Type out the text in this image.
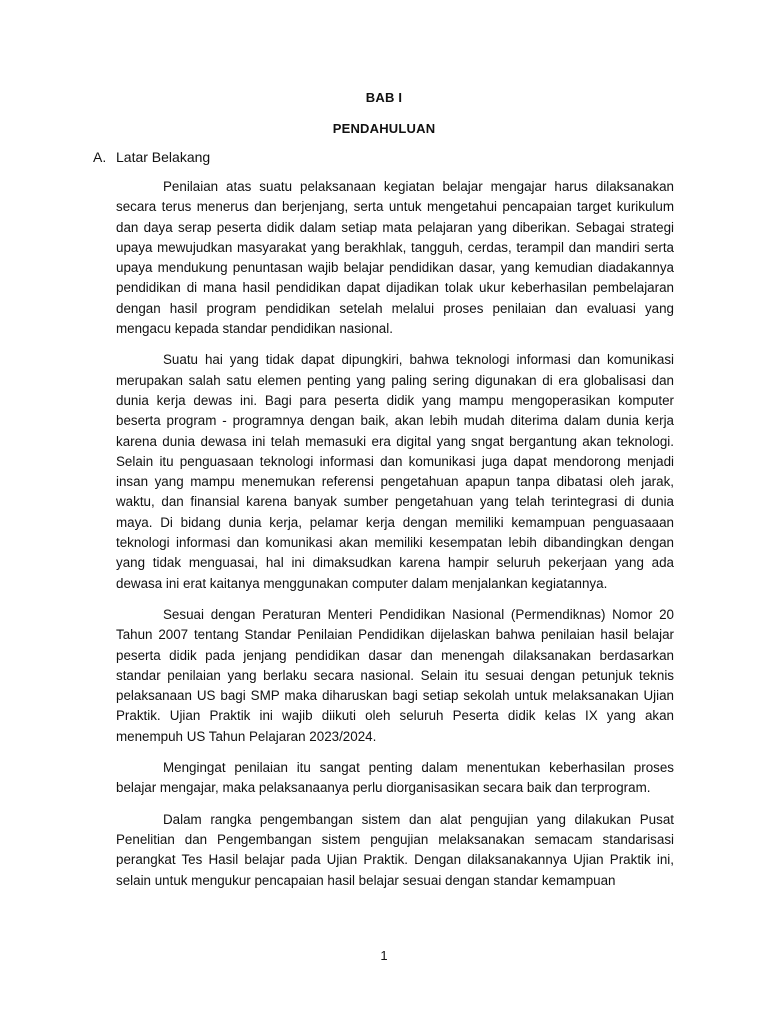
BAB I
PENDAHULUAN
A. Latar Belakang

Penilaian atas suatu pelaksanaan kegiatan belajar mengajar harus dilaksanakan secara terus menerus dan berjenjang, serta untuk mengetahui pencapaian target kurikulum dan daya serap peserta didik dalam setiap mata pelajaran yang diberikan. Sebagai strategi upaya mewujudkan masyarakat yang berakhlak, tangguh, cerdas, terampil dan mandiri serta upaya mendukung penuntasan wajib belajar pendidikan dasar, yang kemudian diadakannya pendidikan di mana hasil pendidikan dapat dijadikan tolak ukur keberhasilan pembelajaran dengan hasil program pendidikan setelah melalui proses penilaian dan evaluasi yang mengacu kepada standar pendidikan nasional.

Suatu hai yang tidak dapat dipungkiri, bahwa teknologi informasi dan komunikasi merupakan salah satu elemen penting yang paling sering digunakan di era globalisasi dan dunia kerja dewas ini. Bagi para peserta didik yang mampu mengoperasikan komputer beserta program - programnya dengan baik, akan lebih mudah diterima dalam dunia kerja karena dunia dewasa ini telah memasuki era digital yang sngat bergantung akan teknologi. Selain itu penguasaan teknologi informasi dan komunikasi juga dapat mendorong menjadi insan yang mampu menemukan referensi pengetahuan apapun tanpa dibatasi oleh jarak, waktu, dan finansial karena banyak sumber pengetahuan yang telah terintegrasi di dunia maya. Di bidang dunia kerja, pelamar kerja dengan memiliki kemampuan penguasaaan teknologi informasi dan komunikasi akan memiliki kesempatan lebih dibandingkan dengan yang tidak menguasai, hal ini dimaksudkan karena hampir seluruh pekerjaan yang ada dewasa ini erat kaitanya menggunakan computer dalam menjalankan kegiatannya.

Sesuai dengan Peraturan Menteri Pendidikan Nasional (Permendiknas) Nomor 20 Tahun 2007 tentang Standar Penilaian Pendidikan dijelaskan bahwa penilaian hasil belajar peserta didik pada jenjang pendidikan dasar dan menengah dilaksanakan berdasarkan standar penilaian yang berlaku secara nasional. Selain itu sesuai dengan petunjuk teknis pelaksanaan US bagi SMP maka diharuskan bagi setiap sekolah untuk melaksanakan Ujian Praktik. Ujian Praktik ini wajib diikuti oleh seluruh Peserta didik kelas IX yang akan menempuh US Tahun Pelajaran 2023/2024.

Mengingat penilaian itu sangat penting dalam menentukan keberhasilan proses belajar mengajar, maka pelaksanaanya perlu diorganisasikan secara baik dan terprogram.

Dalam rangka pengembangan sistem dan alat pengujian yang dilakukan Pusat Penelitian dan Pengembangan sistem pengujian melaksanakan semacam standarisasi perangkat Tes Hasil belajar pada Ujian Praktik. Dengan dilaksanakannya Ujian Praktik ini, selain untuk mengukur pencapaian hasil belajar sesuai dengan standar kemampuan

1
